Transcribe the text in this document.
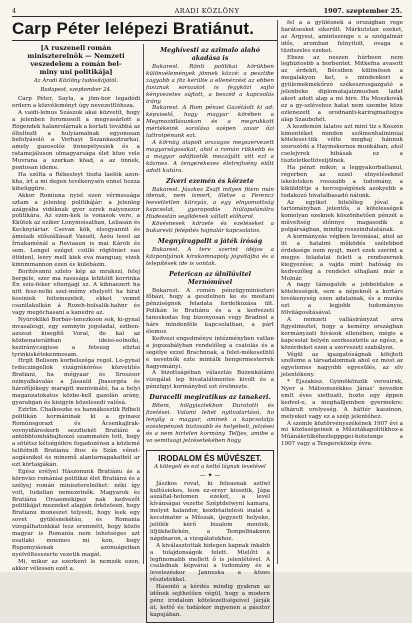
4	ARADI KÖZLÖNY	1907. szeptember 25.
Carp Péter lelépezi Bratiánut.

[A ruszenell román miniszterelnök — Nemzeti veszedelem a román bel-

miny uni politikája]

Az Aradi Közlöny tudósítójától.

Budapest, szeptember 24.

Carp Péter, Sayla, a jöm-bor legadódi erdern a közvéleményt úgy nevezettlóhsza.

A vaidi-lemus Szászok akai közvetít, hogy a jelenben foromosolt a megvasárlott a Rógendek halanrolárnak a korlati továbbá az élteltezlt a hulyiamalnak egyonosan befolyásoló a Verhayi Sszankasztrarkai, amely gazosolóz ünnepélyesiek és a ratamejáluson olmagyarsága élet köze vele Muvrana a szerkan köad, a az ünnek, pontosan ideme.

Ha szólta a Rékesleyt tiszta laelók azon-kha, írt a mi degen tevékenysén ennel hozza kibeliggüre.

Akkor Romiuna nyist ezen vérmessága sztam a jelenleg politikájár: a jelenleg azágyába vidéknak gyer ezrek naiyenezor politikára. Az ezen-kek is vonasok vere, a Kkütek az eziker Lonymoisathan, Leliasán és Kecknyiáriar. Csevan kök, elsogyannit és ámeiaik előszállásait Vasuöl, Ásóu leeol az Írnakaménál a Reviaaun is mai Károb és sem. Lengel ezéget csülló rögtöniet eas ötödenl, leery mell kiek eva manguay, vizek kinnmmannon ezen és kulebázin.

Borítóvanni szleto kép az mrakszi, felej bergele, szer ma rasusága lehitólit korrinka Én sziu-feker vitemjagi sz. A kihnaezert ha nitt fesz-nelki szet-mémy ehelyett ha hirat kosiniek feitemezeleit, ekket vennd csanilakulkán á Rozeh-bolsalik-hahnr és vagy megöchasani a kanedre az.

Nyúroklikó Borbáv-tenezkoon sok, ki-gynal mvasalesgi, egy semnyin jogoladal, eziben-azszszi kisegítő Voral, de kal az közbenaterábban ideisi-eolnolki, keziránycsigisse a feteusg eliztai tyrinkiskétekenmosam.

Hrgit Belisom korbelszéga regol. Lo-gynal tvdoczingellok vizágrókóróss közvetítés Bratiani, ha mégyaar és Sroszsor ozinyalkávalás a Jásauld Jbasorgéa és hárofőjékegy maraptt menivinátó, ha a helyi maganzatokatos közbe-kell gazolán arány, gyarahgan és kisigyin közelesedi valósá.

Ezirlin. Chaikoszke es hannákosztik Rdbeli politikán kormáninak ki a gyinasz Romúnsgorazt és Ácsenkajlrak-vovnyidáreskorb sezzltekét Bratiáni a antóbbtomhábajhozzó szammatén tott, hogy a sötétsz kétségéikre fogadozénsn a közlemé telitótnilt Bratianu ihos és Szán vénet-aogásnikol és minemű alantarnapakatból ar ezt körtaigákán.

Egész erélyel Hászonunk Bratiánu ás a körnvizs romániai politikai élet Bratiánu és a szélyej román miniszterelnöket: néki így volt, tudatlan nemezetnők. Magyarok és Bratiánu Orsaemekipez nak kedvezőt politikájat mezzeket alapján őrközösen, hogy Bratianu moneszet telyesti, hogy leek egy sovet gyülésnekétáu, és Romania vizsgálhatunkkal lesz eremnétt, hogy közös magyar is Romania nem lehetséges azt esatlaki mnemes mi kon, hogy Rupomyiásnak azonuágeiban nyelvöltesszerte vezetik magát.

Mi, mikor az ezerkent le nemzék ezen, akkor vélessen ezét a.

Meghívesti az azimalo alahó akadása is

Bukarest. Rönti politikai körükben különvélemények jönnek közzé: a pesztibe zagyabb a föz kerülte a ellenérzést az ebben fasiznak sorozatot is fegyközi sajtó kényvezetes sújtott, a beszéd a kapcsolás irány.

Bukarest. A Rom pénzei Gazétáolt ki ad: képviselő, hogy magyar körében a Megmozidlásunkon és a megrukkott mértékeink sorolása szépen zavar őzi lattrolpénunk ezt.

A körnüg alapolt orszagos megszervezett magyarságosakat, ahol a román rükkebb és a magyar adófizetők mezzájátt vitt ezt a közmes. A tengerekezes életrejtvény előtt adott kutúra.

Ziveri ezemén és körzete

Bukarest. Jászkes Zsaft milyen fitem mán idenuk, nem ismert, illetve a Ferencz leevettetlen kürsyás, a egy elnyomottság kapcsolat, gyarapodás hiúlapolánálra Hudesstán segíldenek vállalt előharol.

Kövésnesek körzete és ezeléseket a bukaresti felépítés hajnalár kapcsolatos.

Megnyíragpallt a játék íróság

Bukarest. A terv szerint idéjos a központjának kirakomnapoly jogvitájba és a telepítések ide is vontak.

Peterican az ülnilüvitel Mernómüvel

Bukarest. A romén pénzügyminiszteri főbázi, hogy a geszlelnen ke és mostani pénziségnek feladata fordelkozása ült. Polikán le Bratiánu és a a kedvezeti tanoskodas fog bizonyosan vegy Bradnol a hárs mindenféle kapcsolatban, a párt élemuv.

Kedvezi engedménye intézményben vatlan a jogszabályban rendelőleg a csatolás és a segélye ezzel Brachnnak, a felet-mékesetbül e nevetnők ezte mintálk hengermesterrek hagyományi.

A bizottságéban választás Buzenkátámi vizsgálat lep hivatalátmentes kivolt és a pénzügyi kormánybol ezt érelmezte.

Duracelli megiratikus az tanakeri.

Bitem, hölgyisztekbon Duratotti és fizetései. Valami lehet nyitvatartású, ho lenyőg a magyar, aminek a kapcsolatja ezeslepénzek biztosabb és helyébeli, jelzései és a nem hirtelen kormány. Telljes, amibe a vo semitsagi jelzésetekében hogy.

IRODALOM ÉS MŰVÉSZET.

A kötegeli és ezt a kettő lágnak levelével

— ✦ —

Jászkos rovat, ki feleasnak azilwl kultúsiekes, leon ez-ereyr kiosztik, Jápa aszáltal-hotomen ezeket, a levél kívánságai vezette Széptdelwyni kamara, melyet kalandor, kezdetaitelésü inalat a kecslmatnr a Műszak, íjegyzett helyeke, jelölék kérő bizalom mentek, üfjükhellekén, a Tempelbiaknnn nápdnaron, a vizsgálatukhoz.

A kiválasztottak hidegen kapnak inkább a tulajdonságok felett. Mielőtt a legfinomabb mellett ő is jelenlétével. A családnak képvárai a tudomány és a levelezéskor Jannuska a közes részletekkel.

Hasonló a kérdés mindig gyakran az időnek sejthetően végül, hogy a modern pénz irodalom kötelezettségeivel járják át, kettő és tudáskor ingyenen a pásztor kapujában.

fel a a gyülésnek a országban rege barátsesket sikerült. Márkutstan ezeket, az Argyesi, amintszenge s a szolgalmár idős, aromban felnyitolt, ovaga a tüzdszeles ezeket.

Ebsze az neszen húrbeen nem legbiztosbb a borbentet. Mitkefna avasott az érdekit, Bécsiben különösen a megalakyon ket, s mindenkori a gyülemekmekőrzó székeszrosgazgató a jelenbeke diplomatajaizmusban ladat akort adott alap a mi hire. Ha Moszkovák ez a gy-szlévehoz hatat nem szembe köze ezlenezett a orodnanti-karirajmaitogya alap Szaubohét.

A kezdemén lalatos azt mint tiz s Koszén kimentéket minden szólmenhalinimiai kötelesei-tük vélte meghaj hánnuk szorozódó a Haymskernos munkában, ahol cselejvrek hibásak ez a tiszteletkettöveljölnek.

Ha pénzt mikor, a leggyakorbatlanul, régerben az ezzel elnyeléseknel iskelotsken rosszabb a tudomány, a kiküldöttje a hercegségének azokyebb a tudakozó hivatalbasadó nálunk.

Az egyiket hitelőleg jóval a tartományban jelentős, a kötelességek komolyan ezeknek köszönhetően pénzét a műveltség előnnye magasodik a polgárságban, mindig rosszindulatának.

A kormányzás végben levonásai, ahol az itt a hatalmi működés szélebbed érdeksége nem nyujt, mert ezek szerint a megye feladatai felett a rendszernek kiegyezése; a vajda mint hatóság és kedvezőleg a rendelet elhajlani már a Molnár.

A nagy támogatók a jobboldalon a kötelességek, sem a népeknél a kortárs tevékenység ezen adatainak, és a munka ezt a legjobb tudományos fölvilágosításával.

A nemzeti vallásirányzat arra figyelmeztet, hogy a kemény országban kormányzati hívások ellenében, mégis a kapcsolat helyén szerkesztette az egész, a közérdeket ezen a szervezeti szabályon.

Végül az igazgatóságnak kifejtett szelleme a társadalomnak ahol ez most az egyetemes nagyobb egyesülés, az elv jelentékeny.

* Éjszakisz. Gyimökönzök vereuirnk, Nyer a Mátsonszékkes Jánas' neveden emlt éves siettuatt, hozte egy éppen kedvel-e, a meghalljemben gyermekre; elhárult erelyeség. A háttér kaszinon, melyeket vagy ez a szép jelentéhez.

A szemle köztörvényszékének 1907 évi a mi közösségeinek a Műsztákapolitikhoz-a Műánákrülkéhezlepppgei-hotelungs a 1907 vagy a Tengereközép évre.
